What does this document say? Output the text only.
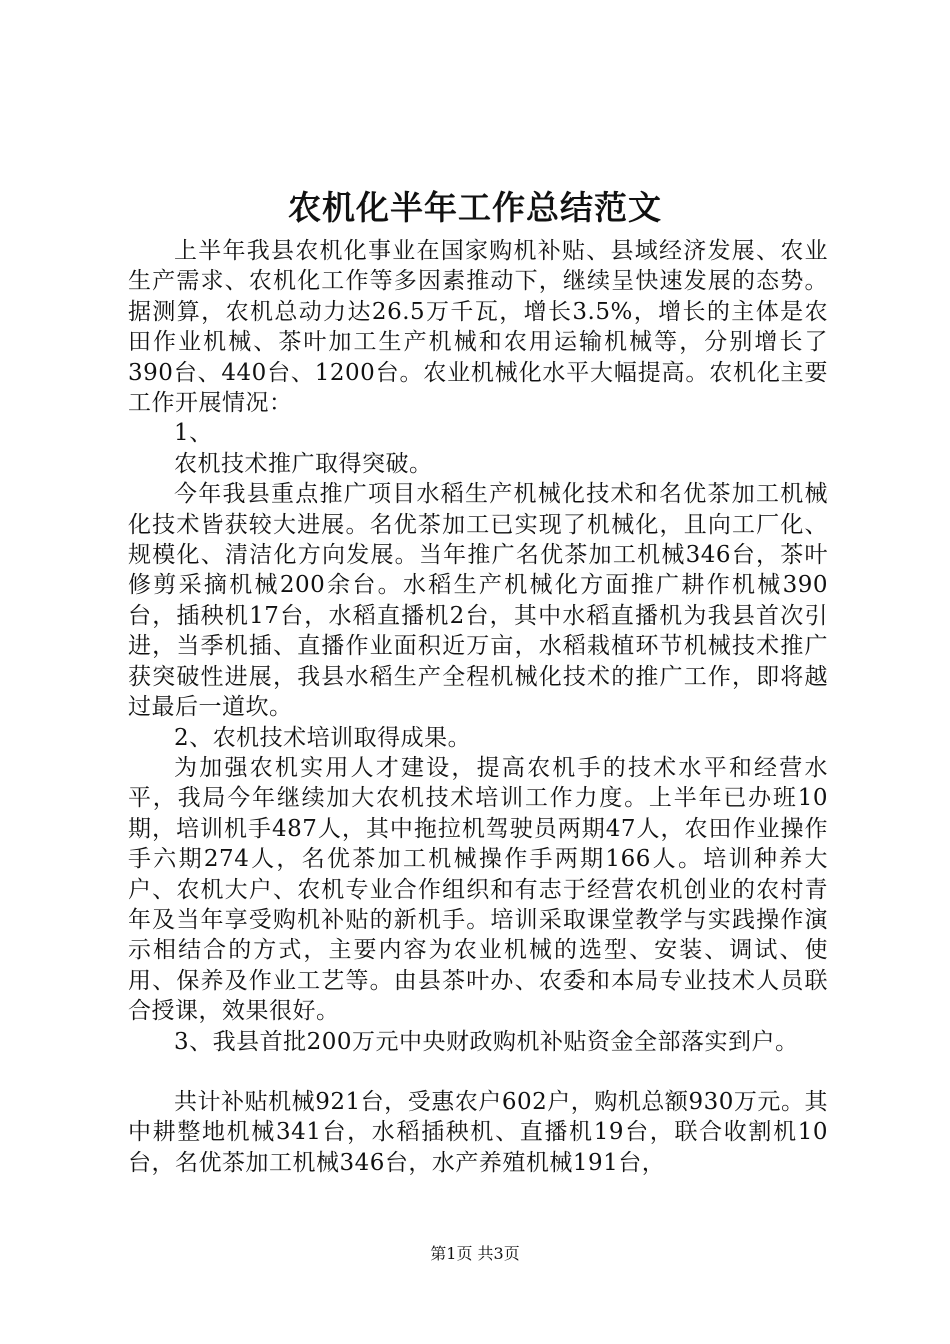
农机化半年工作总结范文

上半年我县农机化事业在国家购机补贴、县域经济发展、农业生产需求、农机化工作等多因素推动下，继续呈快速发展的态势。据测算，农机总动力达26.5万千瓦，增长3.5%，增长的主体是农田作业机械、茶叶加工生产机械和农用运输机械等，分别增长了390台、440台、1200台。农业机械化水平大幅提高。农机化主要工作开展情况：

1、

农机技术推广取得突破。

今年我县重点推广项目水稻生产机械化技术和名优茶加工机械化技术皆获较大进展。名优茶加工已实现了机械化，且向工厂化、规模化、清洁化方向发展。当年推广名优茶加工机械346台，茶叶修剪采摘机械200余台。水稻生产机械化方面推广耕作机械390台，插秧机17台，水稻直播机2台，其中水稻直播机为我县首次引进，当季机插、直播作业面积近万亩，水稻栽植环节机械技术推广获突破性进展，我县水稻生产全程机械化技术的推广工作，即将越过最后一道坎。

2、农机技术培训取得成果。

为加强农机实用人才建设，提高农机手的技术水平和经营水平，我局今年继续加大农机技术培训工作力度。上半年已办班10期，培训机手487人，其中拖拉机驾驶员两期47人，农田作业操作手六期274人，名优茶加工机械操作手两期166人。培训种养大户、农机大户、农机专业合作组织和有志于经营农机创业的农村青年及当年享受购机补贴的新机手。培训采取课堂教学与实践操作演示相结合的方式，主要内容为农业机械的选型、安装、调试、使用、保养及作业工艺等。由县茶叶办、农委和本局专业技术人员联合授课，效果很好。

3、我县首批200万元中央财政购机补贴资金全部落实到户。

共计补贴机械921台，受惠农户602户，购机总额930万元。其中耕整地机械341台，水稻插秧机、直播机19台，联合收割机10台，名优茶加工机械346台，水产养殖机械191台，

第1页 共3页
